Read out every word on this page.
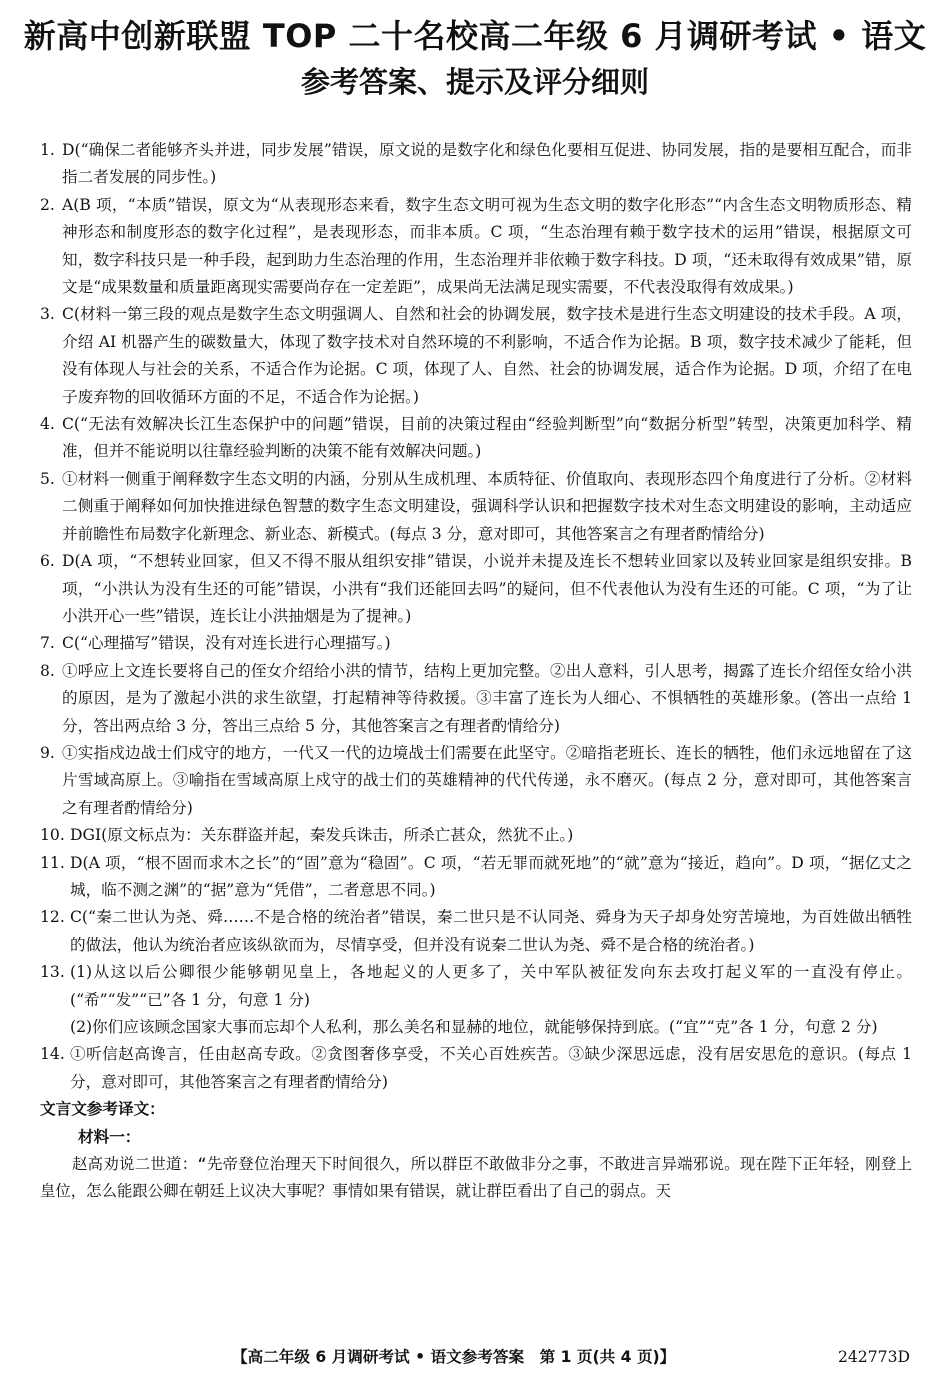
新高中创新联盟 TOP 二十名校高二年级 6 月调研考试 • 语文
参考答案、提示及评分细则

1. D(“确保二者能够齐头并进，同步发展”错误，原文说的是数字化和绿色化要相互促进、协同发展，指的是要相互配合，而非指二者发展的同步性。)

2. A(B 项，“本质”错误，原文为“从表现形态来看，数字生态文明可视为生态文明的数字化形态”“内含生态文明物质形态、精神形态和制度形态的数字化过程”，是表现形态，而非本质。C 项，“生态治理有赖于数字技术的运用”错误，根据原文可知，数字科技只是一种手段，起到助力生态治理的作用，生态治理并非依赖于数字科技。D 项，“还未取得有效成果”错，原文是“成果数量和质量距离现实需要尚存在一定差距”，成果尚无法满足现实需要，不代表没取得有效成果。)

3. C(材料一第三段的观点是数字生态文明强调人、自然和社会的协调发展，数字技术是进行生态文明建设的技术手段。A 项，介绍 AI 机器产生的碳数量大，体现了数字技术对自然环境的不利影响，不适合作为论据。B 项，数字技术减少了能耗，但没有体现人与社会的关系，不适合作为论据。C 项，体现了人、自然、社会的协调发展，适合作为论据。D 项，介绍了在电子废弃物的回收循环方面的不足，不适合作为论据。)

4. C(“无法有效解决长江生态保护中的问题”错误，目前的决策过程由“经验判断型”向“数据分析型”转型，决策更加科学、精准，但并不能说明以往靠经验判断的决策不能有效解决问题。)

5. ①材料一侧重于阐释数字生态文明的内涵，分别从生成机理、本质特征、价值取向、表现形态四个角度进行了分析。②材料二侧重于阐释如何加快推进绿色智慧的数字生态文明建设，强调科学认识和把握数字技术对生态文明建设的影响，主动适应并前瞻性布局数字化新理念、新业态、新模式。(每点 3 分，意对即可，其他答案言之有理者酌情给分)

6. D(A 项，“不想转业回家，但又不得不服从组织安排”错误，小说并未提及连长不想转业回家以及转业回家是组织安排。B 项，“小洪认为没有生还的可能”错误，小洪有“我们还能回去吗”的疑问，但不代表他认为没有生还的可能。C 项，“为了让小洪开心一些”错误，连长让小洪抽烟是为了提神。)

7. C(“心理描写”错误，没有对连长进行心理描写。)

8. ①呼应上文连长要将自己的侄女介绍给小洪的情节，结构上更加完整。②出人意料，引人思考，揭露了连长介绍侄女给小洪的原因，是为了激起小洪的求生欲望，打起精神等待救援。③丰富了连长为人细心、不惧牺牲的英雄形象。(答出一点给 1 分，答出两点给 3 分，答出三点给 5 分，其他答案言之有理者酌情给分)

9. ①实指戍边战士们戍守的地方，一代又一代的边境战士们需要在此坚守。②暗指老班长、连长的牺牲，他们永远地留在了这片雪域高原上。③喻指在雪域高原上戍守的战士们的英雄精神的代代传递，永不磨灭。(每点 2 分，意对即可，其他答案言之有理者酌情给分)

10. DGI(原文标点为：关东群盗并起，秦发兵诛击，所杀亡甚众，然犹不止。)

11. D(A 项，“根不固而求木之长”的“固”意为“稳固”。C 项，“若无罪而就死地”的“就”意为“接近，趋向”。D 项，“据亿丈之城，临不测之渊”的“据”意为“凭借”，二者意思不同。)

12. C(“秦二世认为尧、舜……不是合格的统治者”错误，秦二世只是不认同尧、舜身为天子却身处穷苦境地，为百姓做出牺牲的做法，他认为统治者应该纵欲而为，尽情享受，但并没有说秦二世认为尧、舜不是合格的统治者。)

13. (1)从这以后公卿很少能够朝见皇上，各地起义的人更多了，关中军队被征发向东去攻打起义军的一直没有停止。(“希”“发”“已”各 1 分，句意 1 分)

(2)你们应该顾念国家大事而忘却个人私利，那么美名和显赫的地位，就能够保持到底。(“宜”“克”各 1 分，句意 2 分)

14. ①听信赵高谗言，任由赵高专政。②贪图奢侈享受，不关心百姓疾苦。③缺少深思远虑，没有居安思危的意识。(每点 1 分，意对即可，其他答案言之有理者酌情给分)

文言文参考译文：

材料一：

赵高劝说二世道：“先帝登位治理天下时间很久，所以群臣不敢做非分之事，不敢进言异端邪说。现在陛下正年轻，刚登上皇位，怎么能跟公卿在朝廷上议决大事呢？事情如果有错误，就让群臣看出了自己的弱点。天

【高二年级 6 月调研考试 • 语文参考答案　第 1 页(共 4 页)】	242773D
